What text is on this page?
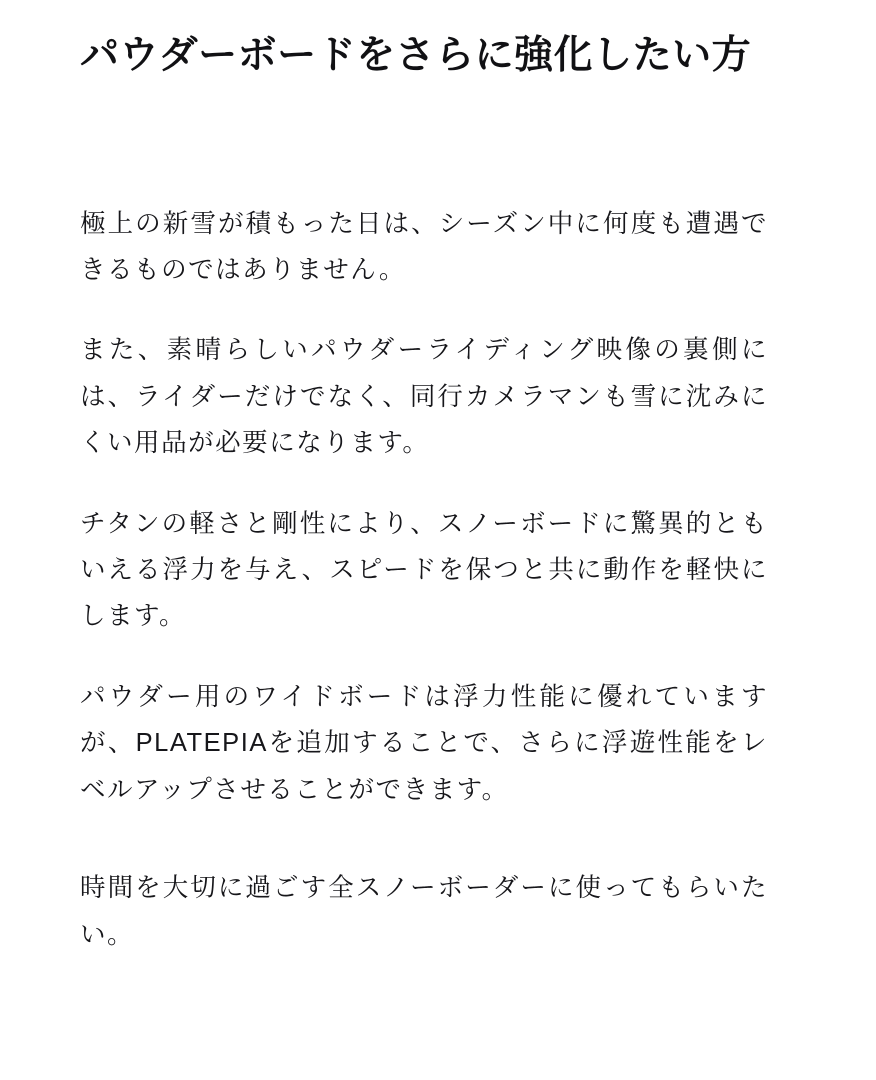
パウダーボードをさらに強化したい方

極上の新雪が積もった日は、シーズン中に何度も遭遇できるものではありません。

また、素晴らしいパウダーライディング映像の裏側には、ライダーだけでなく、同行カメラマンも雪に沈みにくい用品が必要になります。

チタンの軽さと剛性により、スノーボードに驚異的ともいえる浮力を与え、スピードを保つと共に動作を軽快にします。

パウダー用のワイドボードは浮力性能に優れていますが、PLATEPIAを追加することで、さらに浮遊性能をレベルアップさせることができます。

時間を大切に過ごす全スノーボーダーに使ってもらいたい。
